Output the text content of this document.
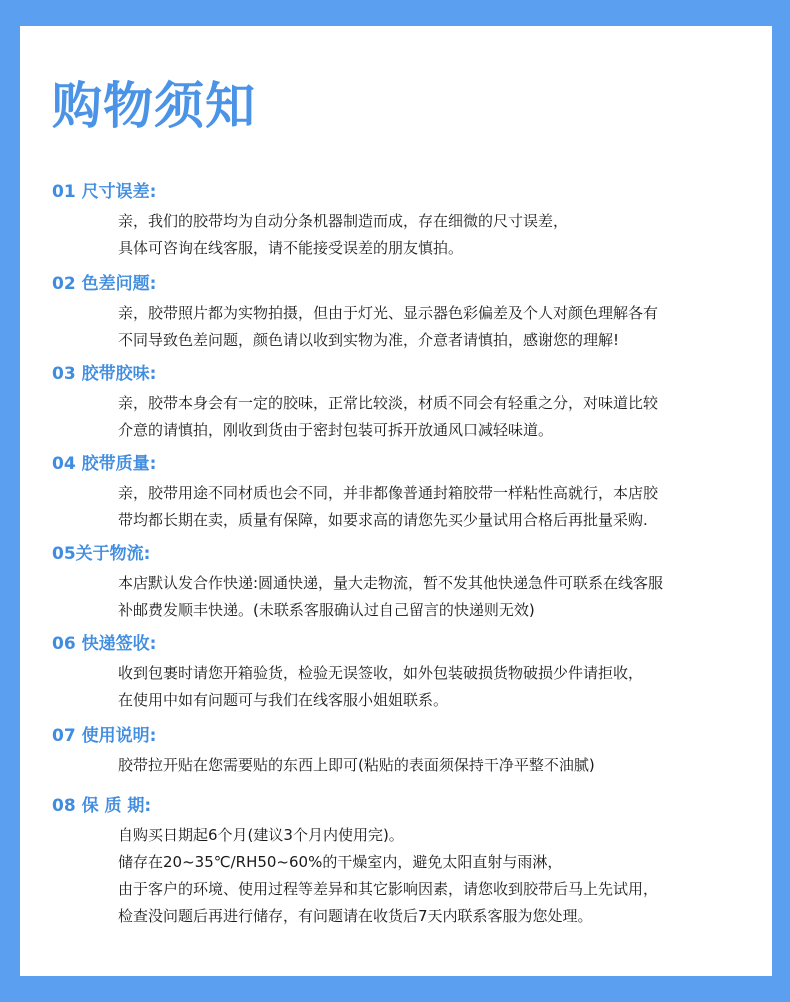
购物须知
01 尺寸误差:
亲，我们的胶带均为自动分条机器制造而成，存在细微的尺寸误差，
具体可咨询在线客服，请不能接受误差的朋友慎拍。
02 色差问题:
亲，胶带照片都为实物拍摄，但由于灯光、显示器色彩偏差及个人对颜色理解各有
不同导致色差问题，颜色请以收到实物为准，介意者请慎拍，感谢您的理解!
03 胶带胶味:
亲，胶带本身会有一定的胶味，正常比较淡，材质不同会有轻重之分，对味道比较
介意的请慎拍，刚收到货由于密封包装可拆开放通风口减轻味道。
04 胶带质量:
亲，胶带用途不同材质也会不同，并非都像普通封箱胶带一样粘性高就行，本店胶
带均都长期在卖，质量有保障，如要求高的请您先买少量试用合格后再批量采购.
05关于物流:
本店默认发合作快递:圆通快递，量大走物流，暂不发其他快递急件可联系在线客服
补邮费发顺丰快递。(未联系客服确认过自己留言的快递则无效)
06 快递签收:
收到包裹时请您开箱验货，检验无误签收，如外包装破损货物破损少件请拒收，
在使用中如有问题可与我们在线客服小姐姐联系。
07 使用说明:
胶带拉开贴在您需要贴的东西上即可(粘贴的表面须保持干净平整不油腻)
08 保 质 期:
自购买日期起6个月(建议3个月内使用完)。
储存在20~35℃/RH50~60%的干燥室内，避免太阳直射与雨淋，
由于客户的环境、使用过程等差异和其它影响因素，请您收到胶带后马上先试用，
检查没问题后再进行储存，有问题请在收货后7天内联系客服为您处理。
